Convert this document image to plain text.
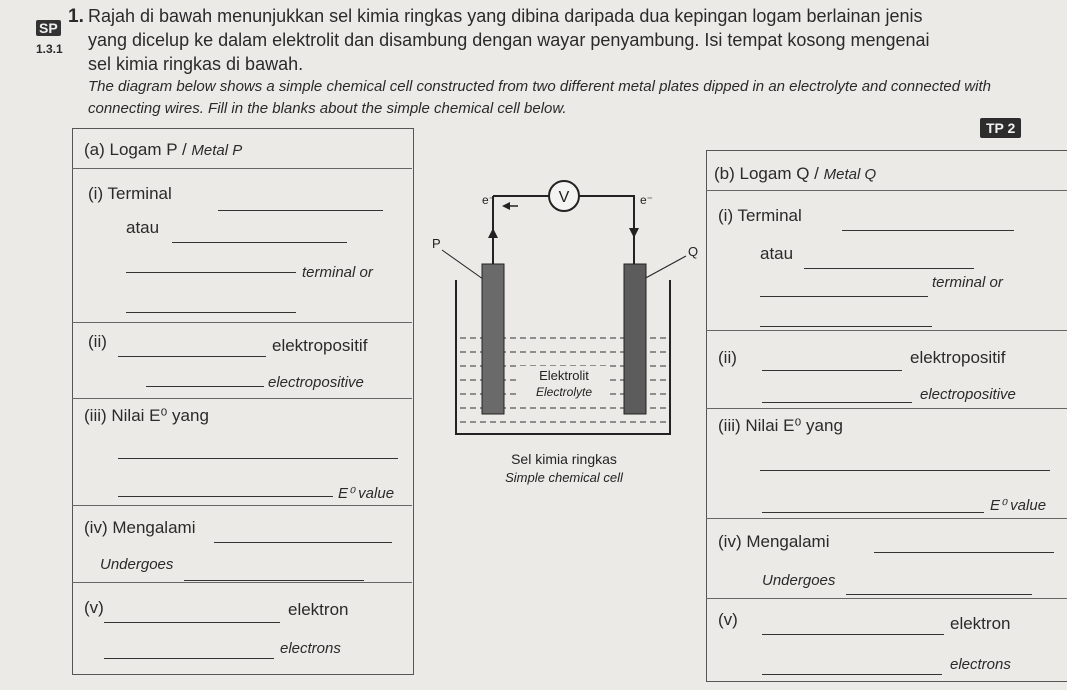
1.
SP
1.3.1
Rajah di bawah menunjukkan sel kimia ringkas yang dibina daripada dua kepingan logam berlainan jenis
yang dicelup ke dalam elektrolit dan disambung dengan wayar penyambung. Isi tempat kosong mengenai
sel kimia ringkas di bawah.
The diagram below shows a simple chemical cell constructed from two different metal plates dipped in an electrolyte and connected with
connecting wires. Fill in the blanks about the simple chemical cell below.
TP 2
(a) Logam P / Metal P
(i) Terminal
atau
terminal or
(ii)	elektropositif
electropositive
(iii) Nilai E⁰ yang
E⁰ value
(iv) Mengalami
Undergoes
(v)	elektron
electrons
(b) Logam Q / Metal Q
(i) Terminal
atau
terminal or
(ii)	elektropositif
electropositive
(iii) Nilai E⁰ yang
E⁰ value
(iv) Mengalami
Undergoes
(v)	elektron
electrons
V
e⁻	e⁻
P
Q
Elektrolit
Electrolyte
Sel kimia ringkas
Simple chemical cell
